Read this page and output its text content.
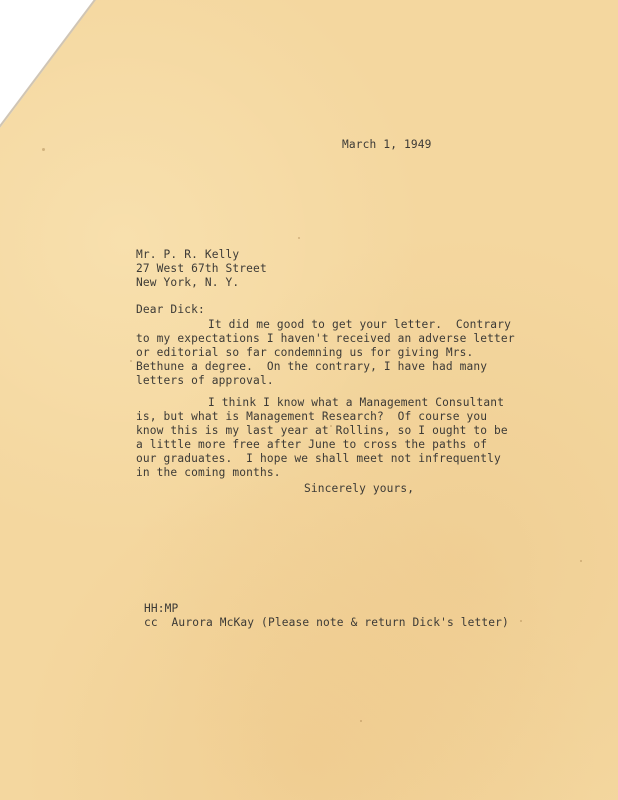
March 1, 1949
Mr. P. R. Kelly
27 West 67th Street
New York, N. Y.
Dear Dick:
It did me good to get your letter.  Contrary
to my expectations I haven't received an adverse letter
or editorial so far condemning us for giving Mrs.
Bethune a degree.  On the contrary, I have had many
letters of approval.
I think I know what a Management Consultant
is, but what is Management Research?  Of course you
know this is my last year at Rollins, so I ought to be
a little more free after June to cross the paths of
our graduates.  I hope we shall meet not infrequently
in the coming months.
Sincerely yours,
HH:MP
cc  Aurora McKay (Please note & return Dick's letter)
